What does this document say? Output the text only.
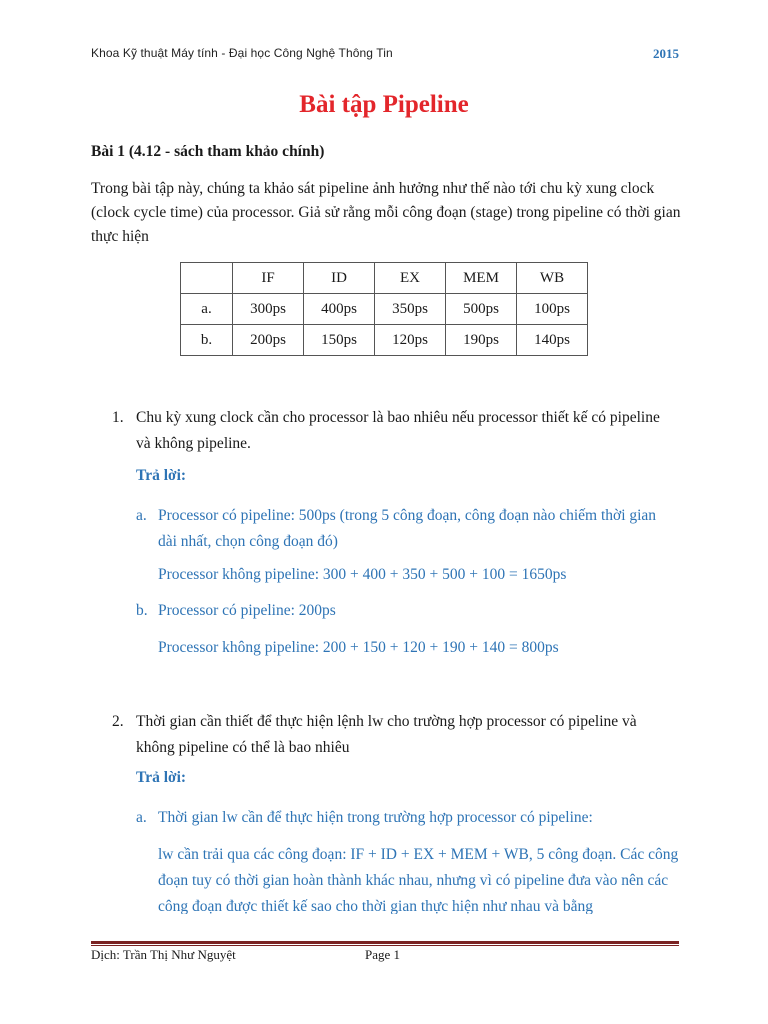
Khoa Kỹ thuật Máy tính - Đại học Công Nghệ Thông Tin	2015
Bài tập Pipeline
Bài 1 (4.12 - sách tham khảo chính)
Trong bài tập này, chúng ta khảo sát pipeline ảnh hưởng như thế nào tới chu kỳ xung clock (clock cycle time) của processor. Giả sử rằng mỗi công đoạn (stage) trong pipeline có thời gian thực hiện
	IF	ID	EX	MEM	WB
a.	300ps	400ps	350ps	500ps	100ps
b.	200ps	150ps	120ps	190ps	140ps
1. Chu kỳ xung clock cần cho processor là bao nhiêu nếu processor thiết kế có pipeline và không pipeline.
Trả lời:
a. Processor có pipeline: 500ps (trong 5 công đoạn, công đoạn nào chiếm thời gian dài nhất, chọn công đoạn đó)
Processor không pipeline: 300 + 400 + 350 + 500 + 100 = 1650ps
b. Processor có pipeline: 200ps
Processor không pipeline: 200 + 150 + 120 + 190 + 140 = 800ps
2. Thời gian cần thiết để thực hiện lệnh lw cho trường hợp processor có pipeline và không pipeline có thể là bao nhiêu
Trả lời:
a. Thời gian lw cần để thực hiện trong trường hợp processor có pipeline:
lw cần trải qua các công đoạn: IF + ID + EX + MEM + WB, 5 công đoạn. Các công đoạn tuy có thời gian hoàn thành khác nhau, nhưng vì có pipeline đưa vào nên các công đoạn được thiết kế sao cho thời gian thực hiện như nhau và bằng
Dịch: Trần Thị Như Nguyệt	Page 1
